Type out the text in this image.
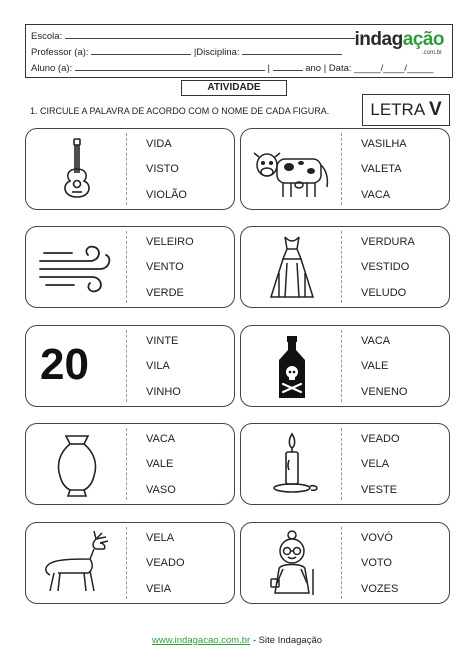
Escola:
Professor (a):	|Disciplina:
Aluno (a):	|	ano | Data: _____/____/_____
indagação
.com.br
ATIVIDADE
1. CIRCULE A PALAVRA DE ACORDO COM O NOME DE CADA FIGURA.	LETRA V
VIDA
VISTO
VIOLÃO
VASILHA
VALETA
VACA
VELEIRO
VENTO
VERDE
VERDURA
VESTIDO
VELUDO
20	VINTE
VILA
VINHO
VACA
VALE
VENENO
VACA
VALE
VASO
VEADO
VELA
VESTE
VELA
VEADO
VEIA
VOVÓ
VOTO
VOZES
www.indagacao.com.br - Site Indagação
